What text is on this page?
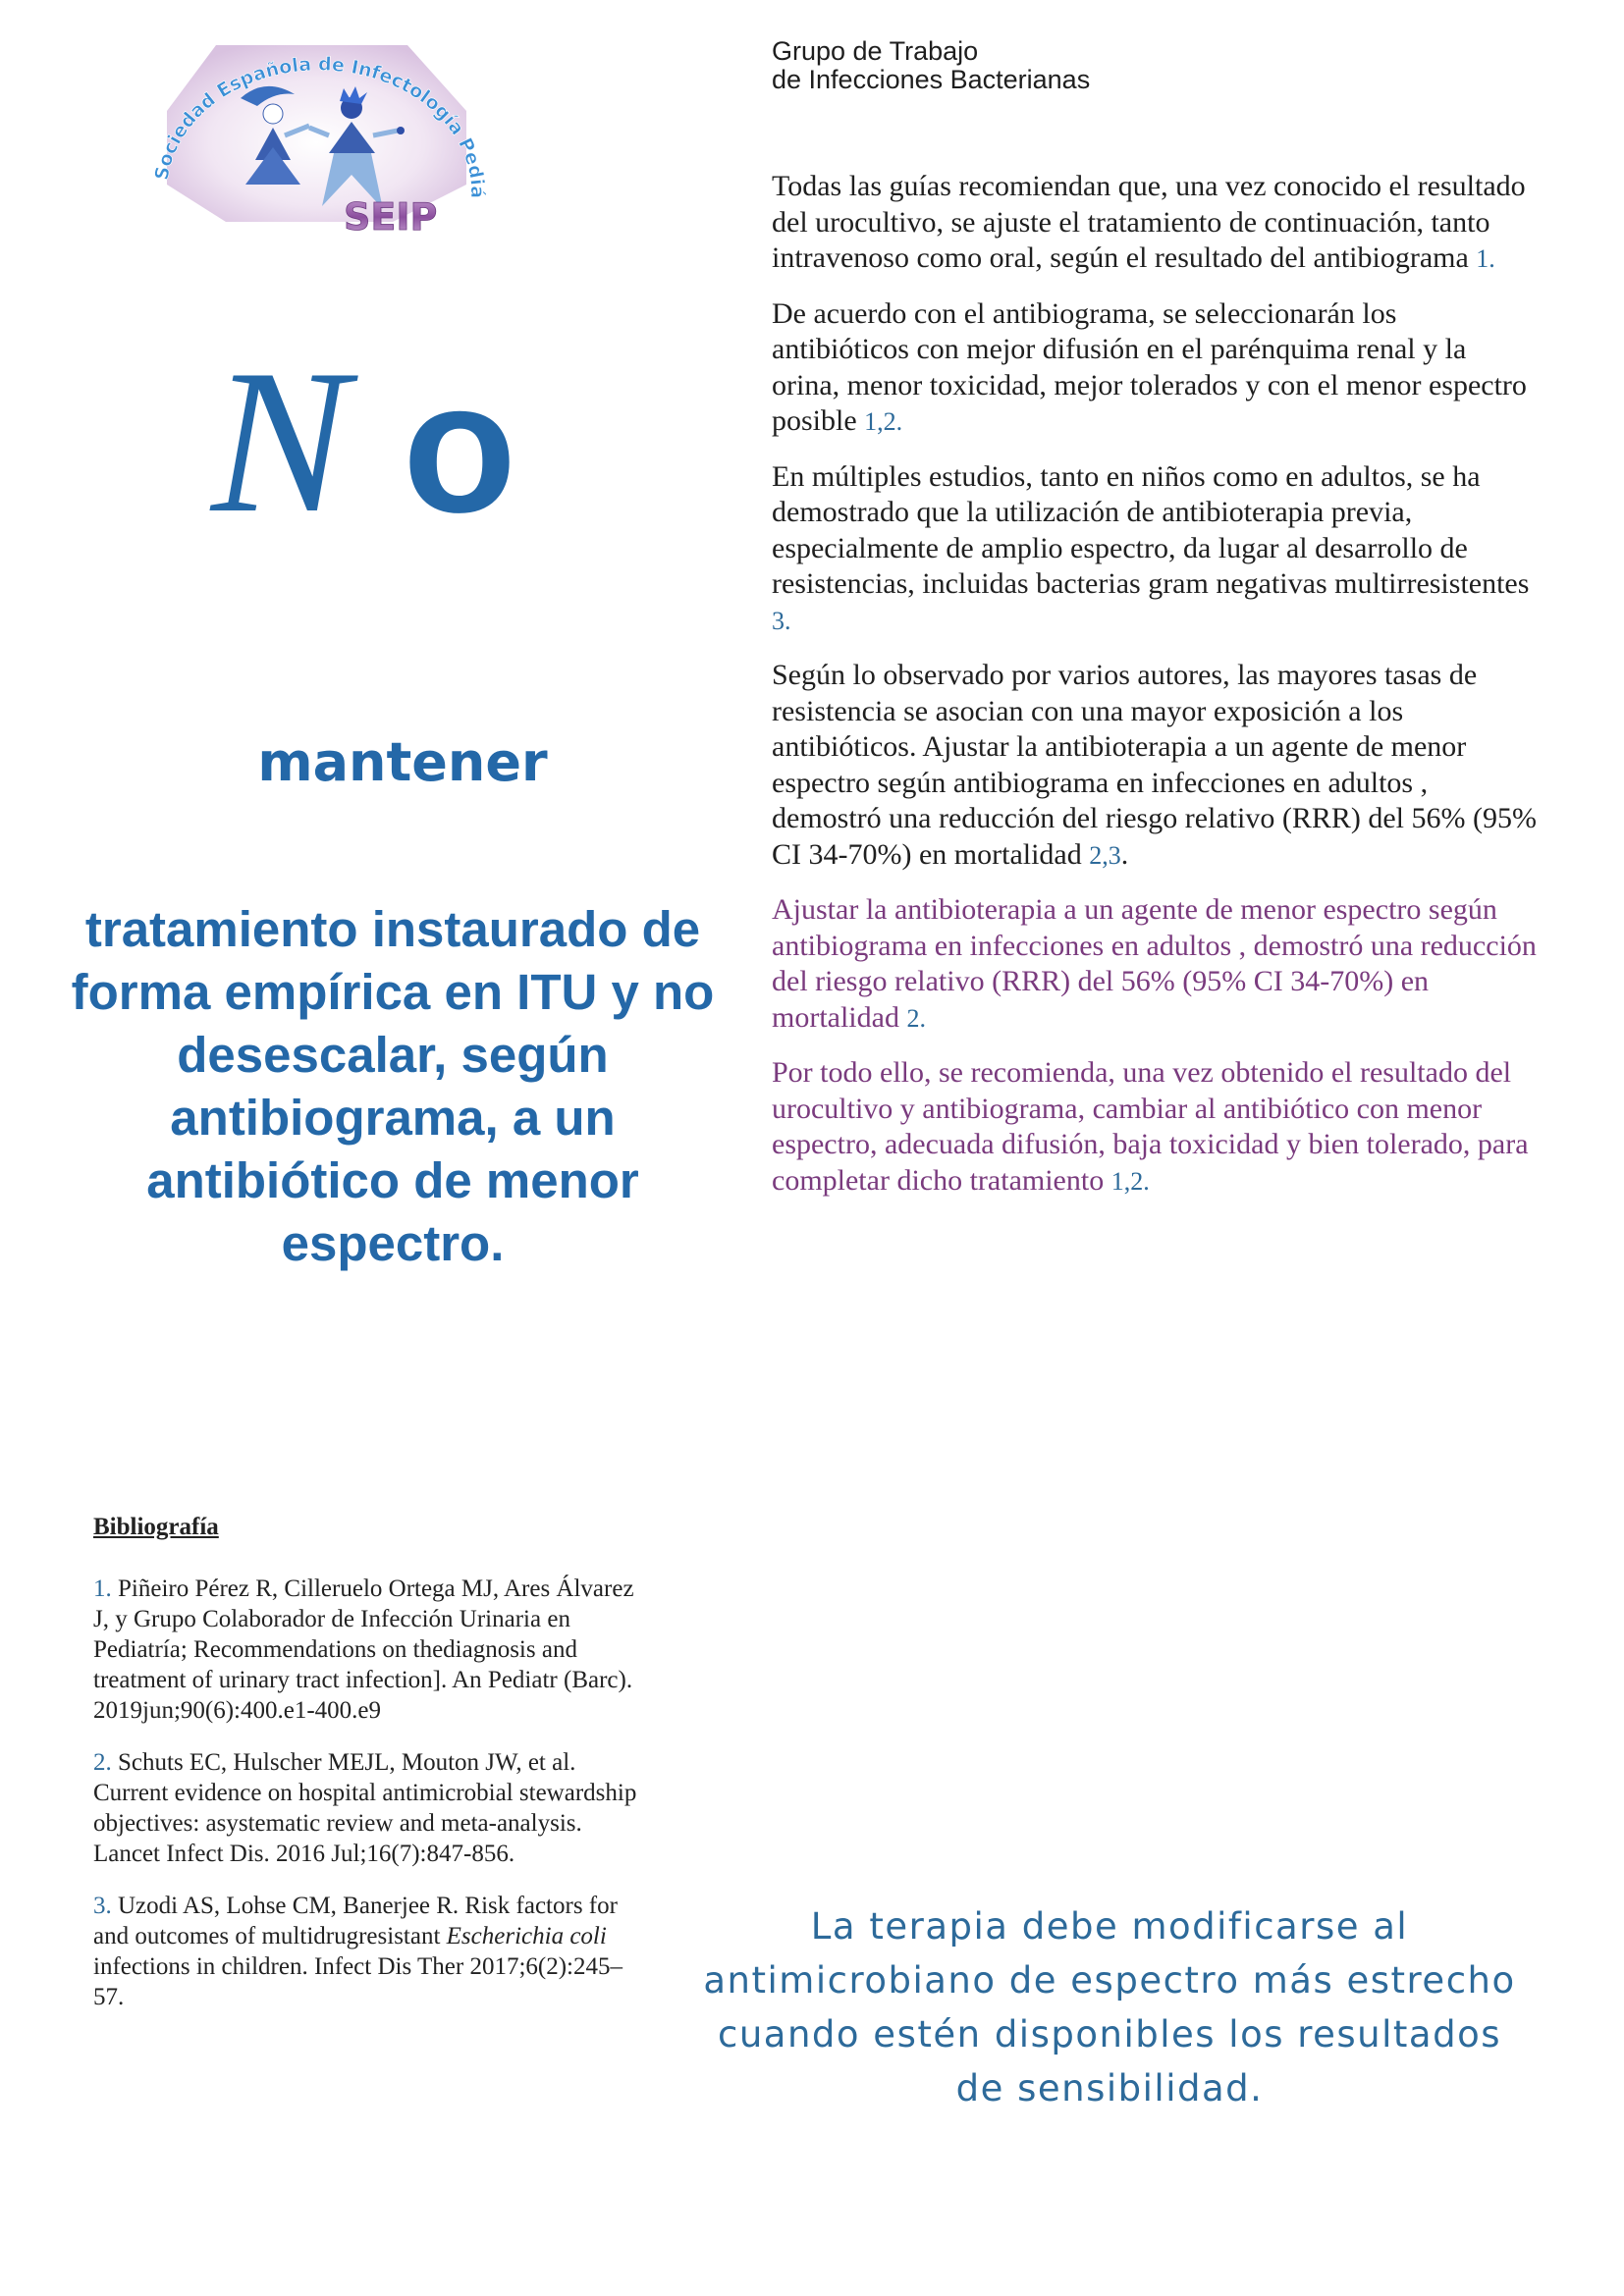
Sociedad Española de Infectología Pediá
SEIP
Grupo de Trabajo
de Infecciones Bacterianas
N o
mantener
tratamiento instaurado de forma empírica en ITU y no desescalar, según antibiograma, a un antibiótico de menor espectro.

Todas las guías recomiendan que, una vez conocido el resultado del urocultivo, se ajuste el tratamiento de continuación, tanto intravenoso como oral, según el resultado del antibiograma 1.

De acuerdo con el antibiograma, se seleccionarán los antibióticos con mejor difusión en el parénquima renal y la orina, menor toxicidad, mejor tolerados y con el menor espectro posible 1,2.

En múltiples estudios, tanto en niños como en adultos, se ha demostrado que la utilización de antibioterapia previa, especialmente de amplio espectro, da lugar al desarrollo de resistencias, incluidas bacterias gram negativas multirresistentes 3.

Según lo observado por varios autores, las mayores tasas de resistencia se asocian con una mayor exposición a los antibióticos. Ajustar la antibioterapia a un agente de menor espectro según antibiograma en infecciones en adultos , demostró una reducción del riesgo relativo (RRR) del 56% (95% CI 34-70%) en mortalidad 2,3.

Ajustar la antibioterapia a un agente de menor espectro según antibiograma en infecciones en adultos , demostró una reducción del riesgo relativo (RRR) del 56% (95% CI 34-70%) en mortalidad 2.

Por todo ello, se recomienda, una vez obtenido el resultado del urocultivo y antibiograma, cambiar al antibiótico con menor espectro, adecuada difusión, baja toxicidad y bien tolerado, para completar dicho tratamiento 1,2.

Bibliografía
1. Piñeiro Pérez R, Cilleruelo Ortega MJ, Ares Álvarez J, y Grupo Colaborador de Infección Urinaria en Pediatría; Recommendations on thediagnosis and treatment of urinary tract infection]. An Pediatr (Barc). 2019jun;90(6):400.e1-400.e9
2. Schuts EC, Hulscher MEJL, Mouton JW, et al. Current evidence on hospital antimicrobial stewardship objectives: asystematic review and meta-analysis. Lancet Infect Dis. 2016 Jul;16(7):847-856.
3. Uzodi AS, Lohse CM, Banerjee R. Risk factors for and outcomes of multidrugresistant Escherichia coli infections in children. Infect Dis Ther 2017;6(2):245–57.
La terapia debe modificarse al antimicrobiano de espectro más estrecho cuando estén disponibles los resultados de sensibilidad.
